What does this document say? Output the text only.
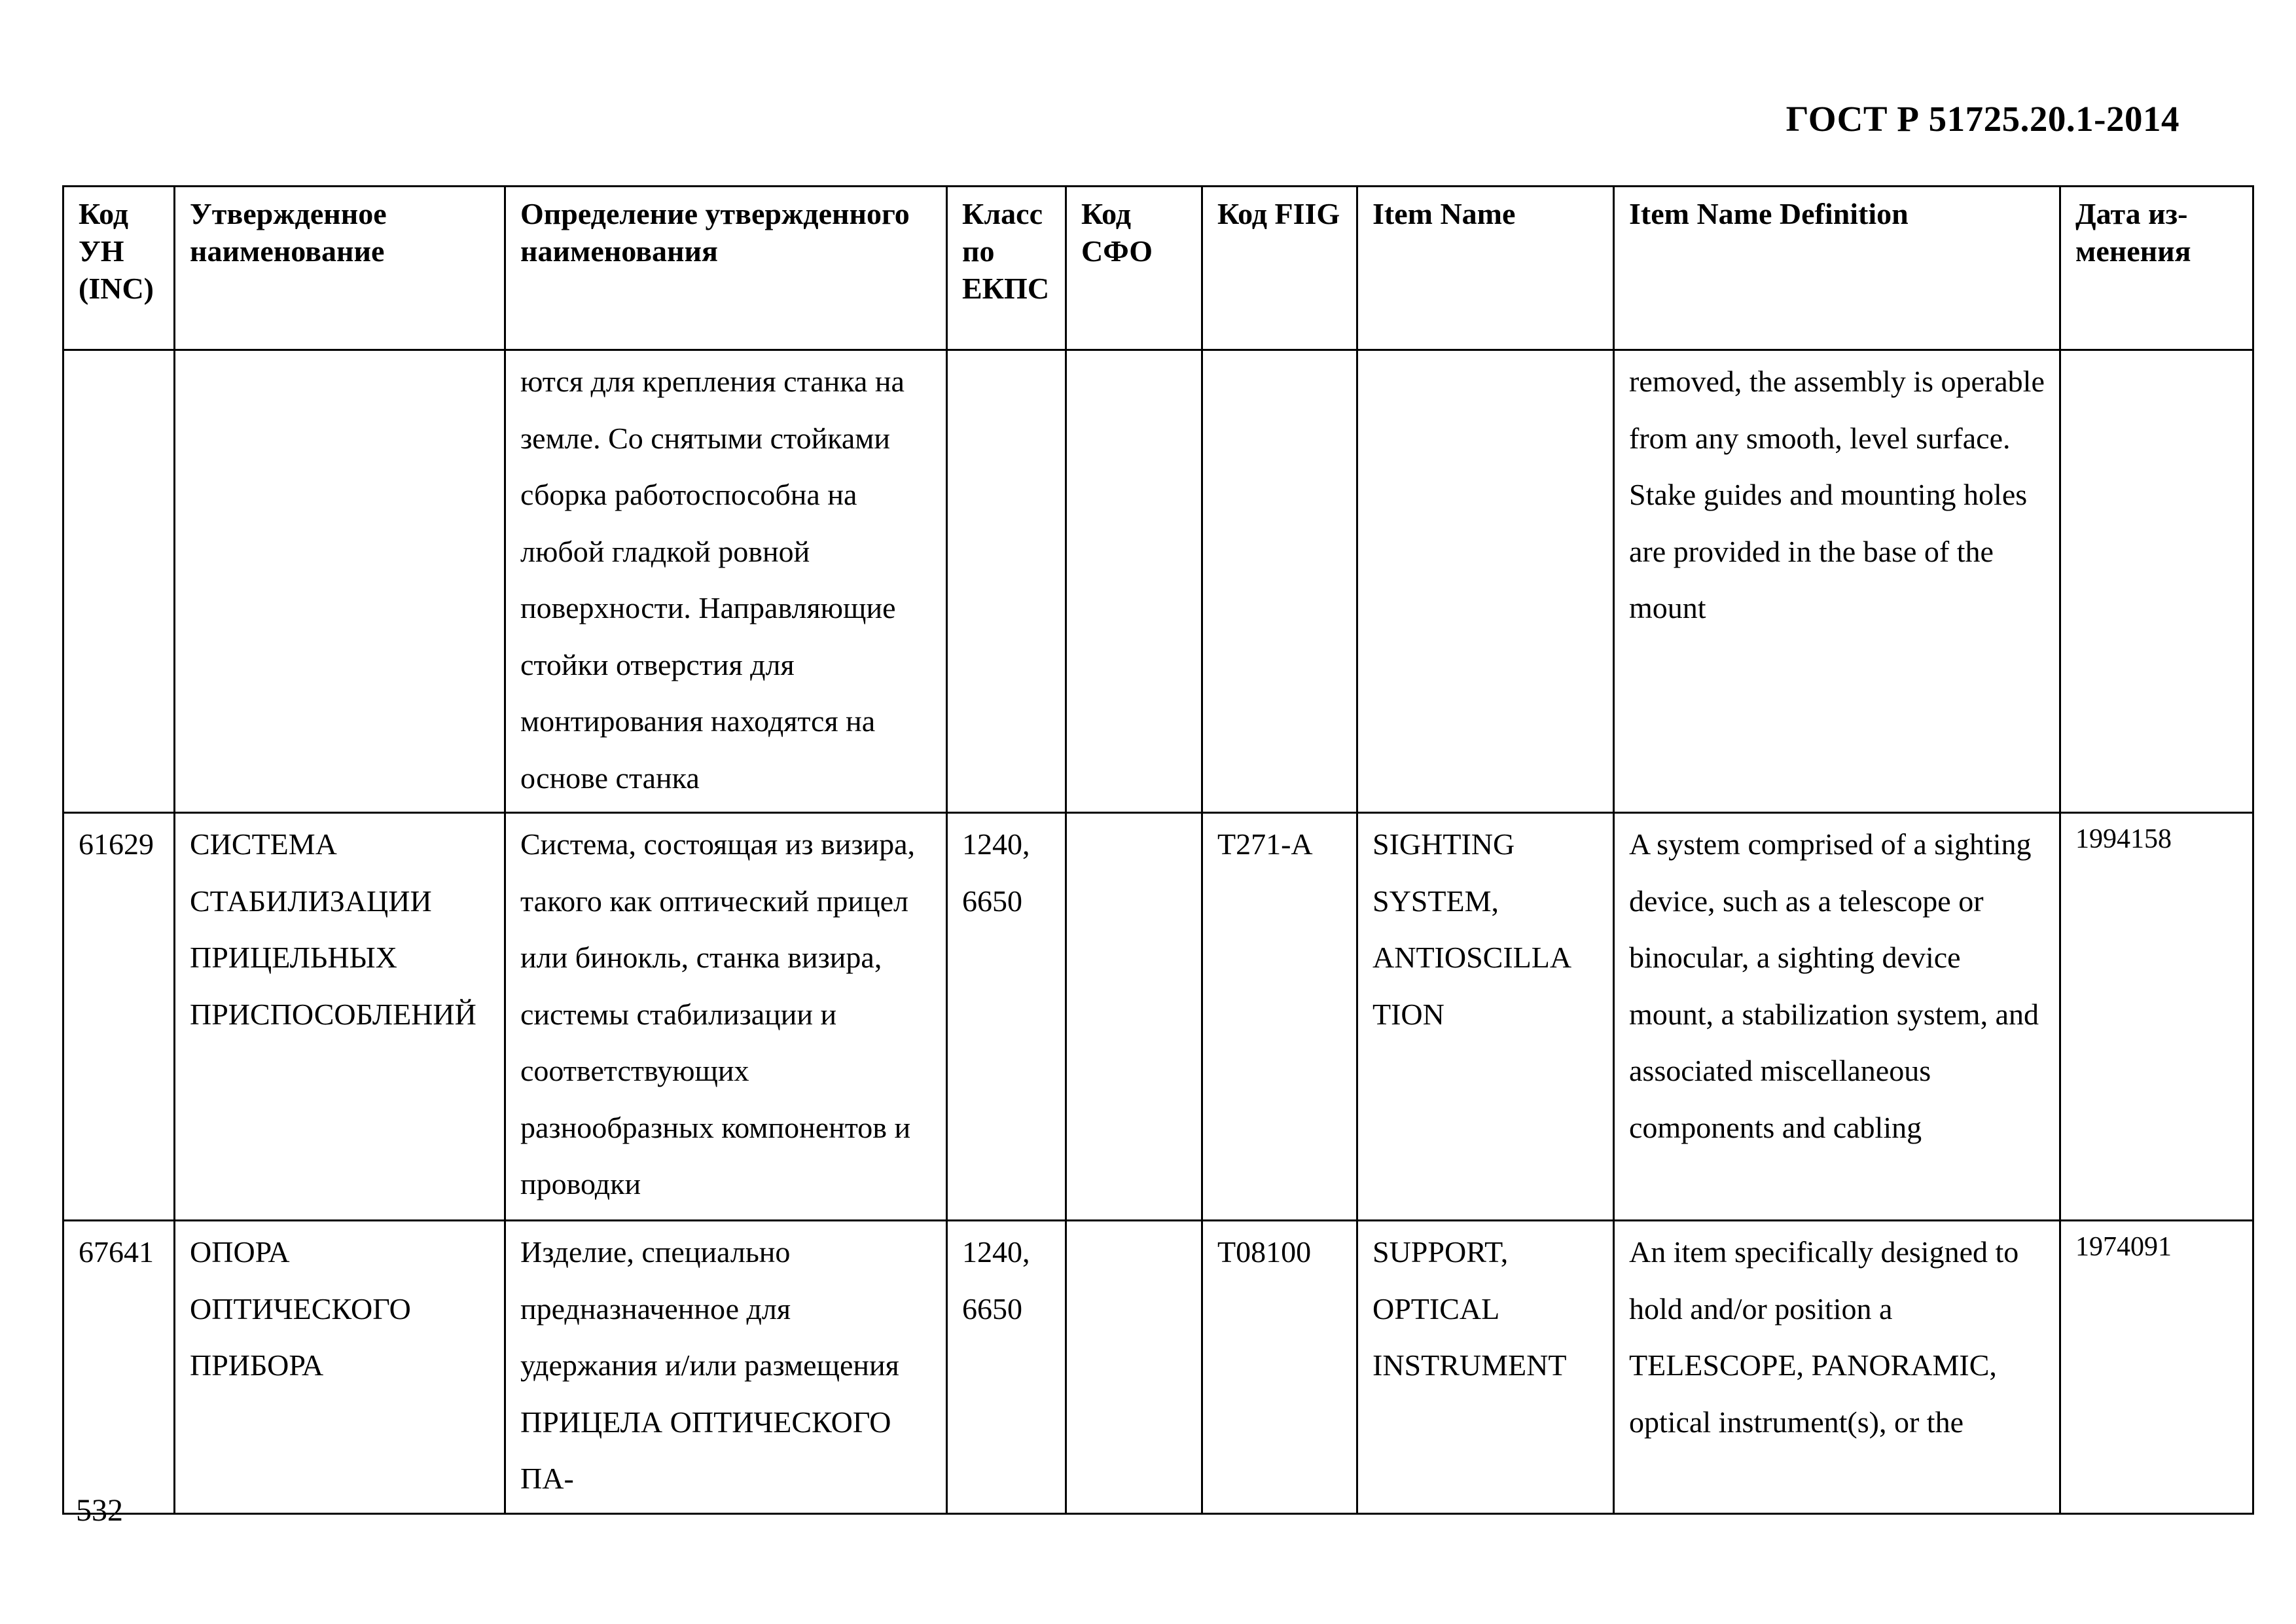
ГОСТ Р 51725.20.1-2014
Код УН (INC)	Утвержденное наименование	Определение утвержденного наименования	Класс по ЕКПС	Код СФО	Код FIIG	Item Name	Item Name Definition	Дата из-менения
		ются для крепления станка на земле. Со снятыми стойками сборка работоспособна на любой гладкой ровной поверхности. Направляющие стойки отверстия для монтирования находятся на основе станка					removed, the assembly is operable from any smooth, level surface. Stake guides and mounting holes are provided in the base of the mount	
61629	СИСТЕМА СТАБИЛИЗАЦИИ ПРИЦЕЛЬНЫХ ПРИСПОСОБЛЕНИЙ	Система, состоящая из визира, такого как оптический прицел или бинокль, станка визира, системы стабилизации и соответствующих разнообразных компонентов и проводки	1240, 6650		T271-A	SIGHTING SYSTEM, ANTIOSCILLA TION	A system comprised of a sighting device, such as a telescope or binocular, a sighting device mount, a stabilization system, and associated miscellaneous components and cabling	1994158
67641	ОПОРА ОПТИЧЕСКОГО ПРИБОРА	Изделие, специально предназначенное для удержания и/или размещения ПРИЦЕЛА ОПТИЧЕСКОГО ПА-	1240, 6650		T08100	SUPPORT, OPTICAL INSTRUMENT	An item specifically designed to hold and/or position a TELESCOPE, PANORAMIC, optical instrument(s), or the	1974091
532
